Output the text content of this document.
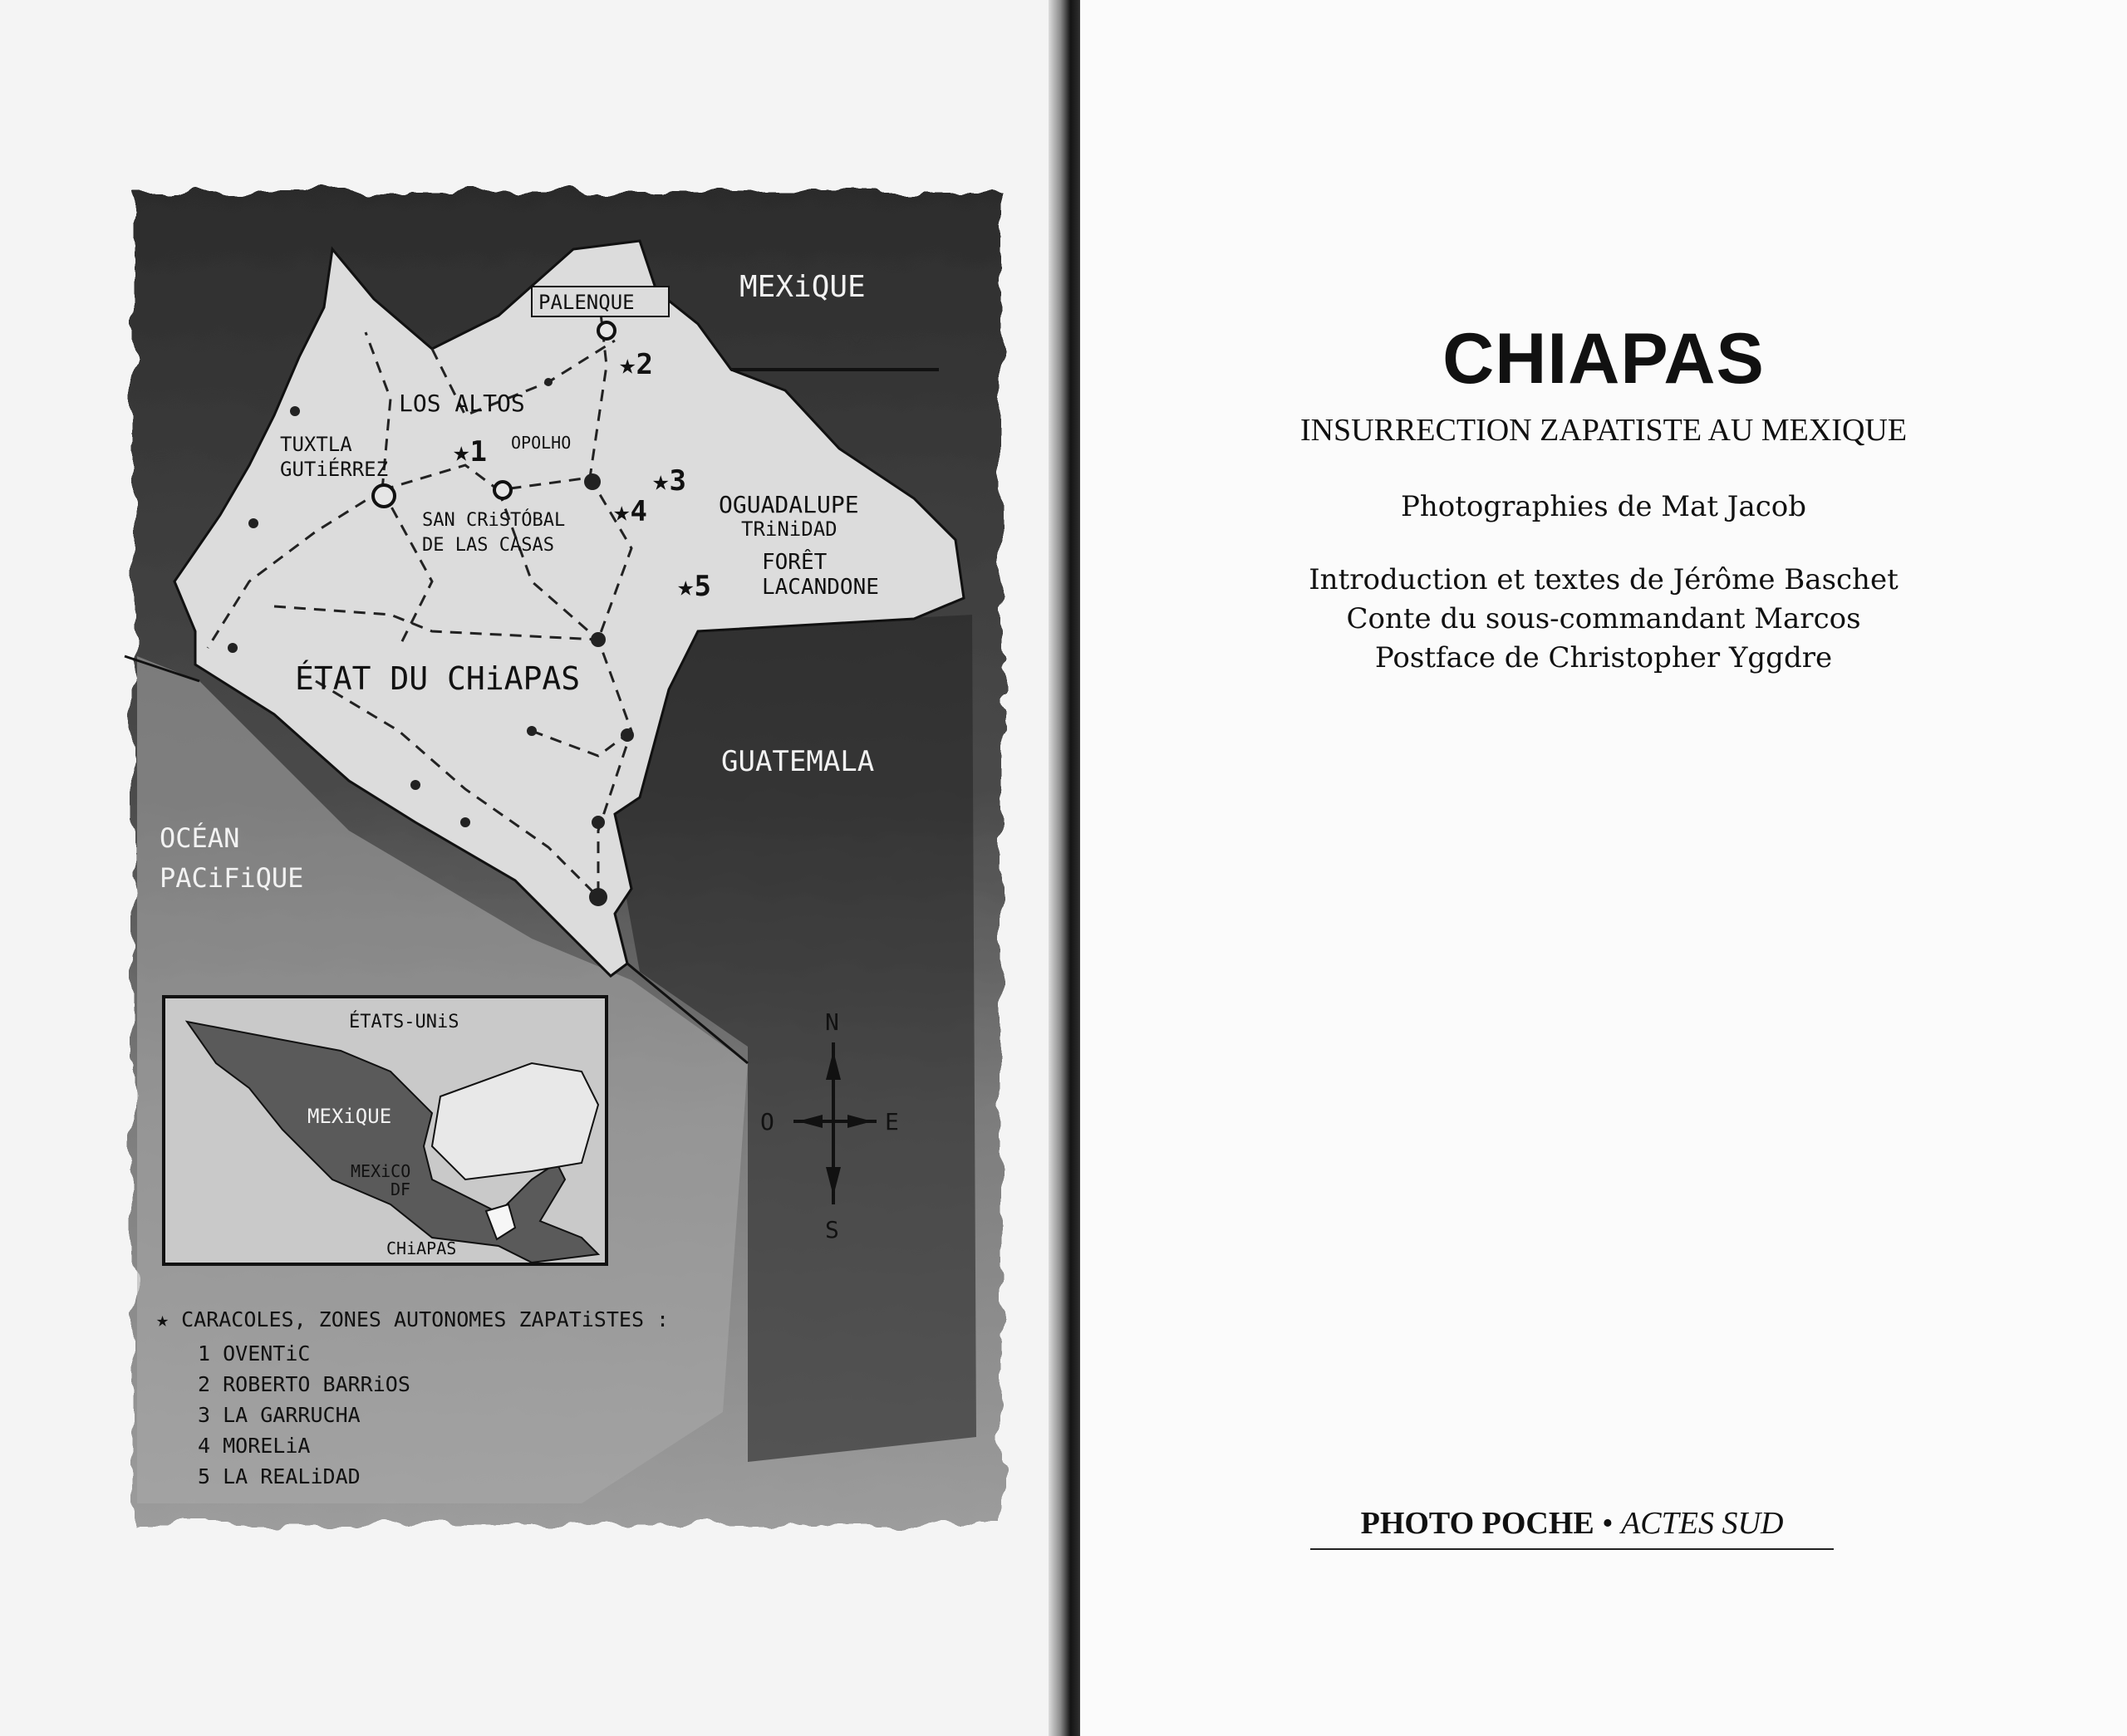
MEXiQUE
PALENQUE
★2
LOS ALTOS
★1 OPOLHO
TUXTLA
GUTiÉRREZ
SAN CRiSTÓBAL
DE LAS CASAS
★3
★4	OGUADALUPE
TRiNiDAD
FORÊT
LACANDONE
★5
ÉTAT DU CHiAPAS
GUATEMALA
OCÉAN
PACiFiQUE
ÉTATS-UNiS
MEXiQUE
MEXiCO
DF
CHiAPAS
N
S
E
O
★ CARACOLES, ZONES AUTONOMES ZAPATiSTES :
1 OVENTiC
2 ROBERTO BARRiOS
3 LA GARRUCHA
4 MORELiA
5 LA REALiDAD
CHIAPAS
INSURRECTION ZAPATISTE AU MEXIQUE
Photographies de Mat Jacob
Introduction et textes de Jérôme Baschet
Conte du sous-commandant Marcos
Postface de Christopher Yggdre
PHOTO POCHE • ACTES SUD
